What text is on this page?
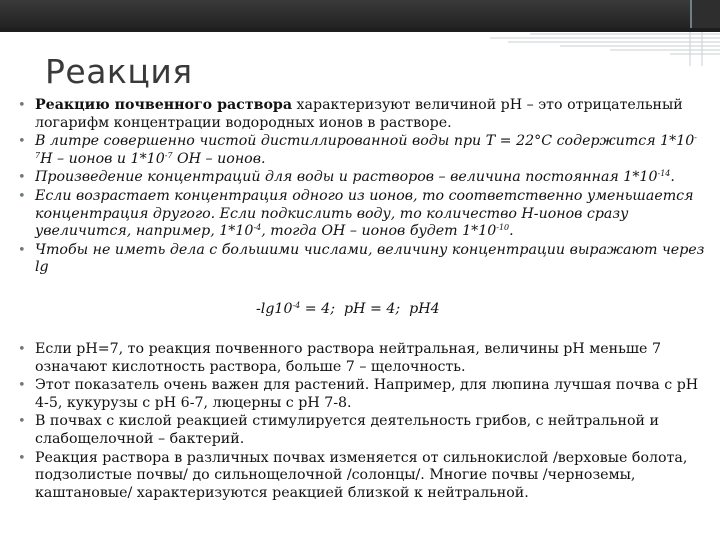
Реакция
• Реакцию почвенного раствора характеризуют величиной рН – это отрицательный логарифм концентрации водородных ионов в растворе.
• В литре совершенно чистой дистиллированной воды при Т = 22°С содержится $1*10^{-7}Н$ – ионов и $1*10^{-7}$ ОН – ионов.
• Произведение концентраций для воды и растворов – величина постоянная $1*10^{-14}$.
• Если возрастает концентрация одного из ионов, то соответственно уменьшается концентрация другого. Если подкислить воду, то количество Н-ионов сразу увеличится, например, $1*10^{-4}$, тогда ОН – ионов будет $1*10^{-10}$.
• Чтобы не иметь дела с большими числами, величину концентрации выражают через lg
$-\lg 10^{-4} = 4$;  рН = 4;  рН4
• Если рН=7, то реакция почвенного раствора нейтральная, величины рН меньше 7 означают кислотность раствора, больше 7 – щелочность.
• Этот показатель очень важен для растений. Например, для люпина лучшая почва с рН 4-5, кукурузы с рН 6-7, люцерны с рН 7-8.
• В почвах с кислой реакцией стимулируется деятельность грибов, с нейтральной и слабощелочной – бактерий.
• Реакция раствора в различных почвах изменяется от сильнокислой /верховые болота, подзолистые почвы/ до сильнощелочной /солонцы/. Многие почвы /черноземы, каштановые/ характеризуются реакцией близкой к нейтральной.
